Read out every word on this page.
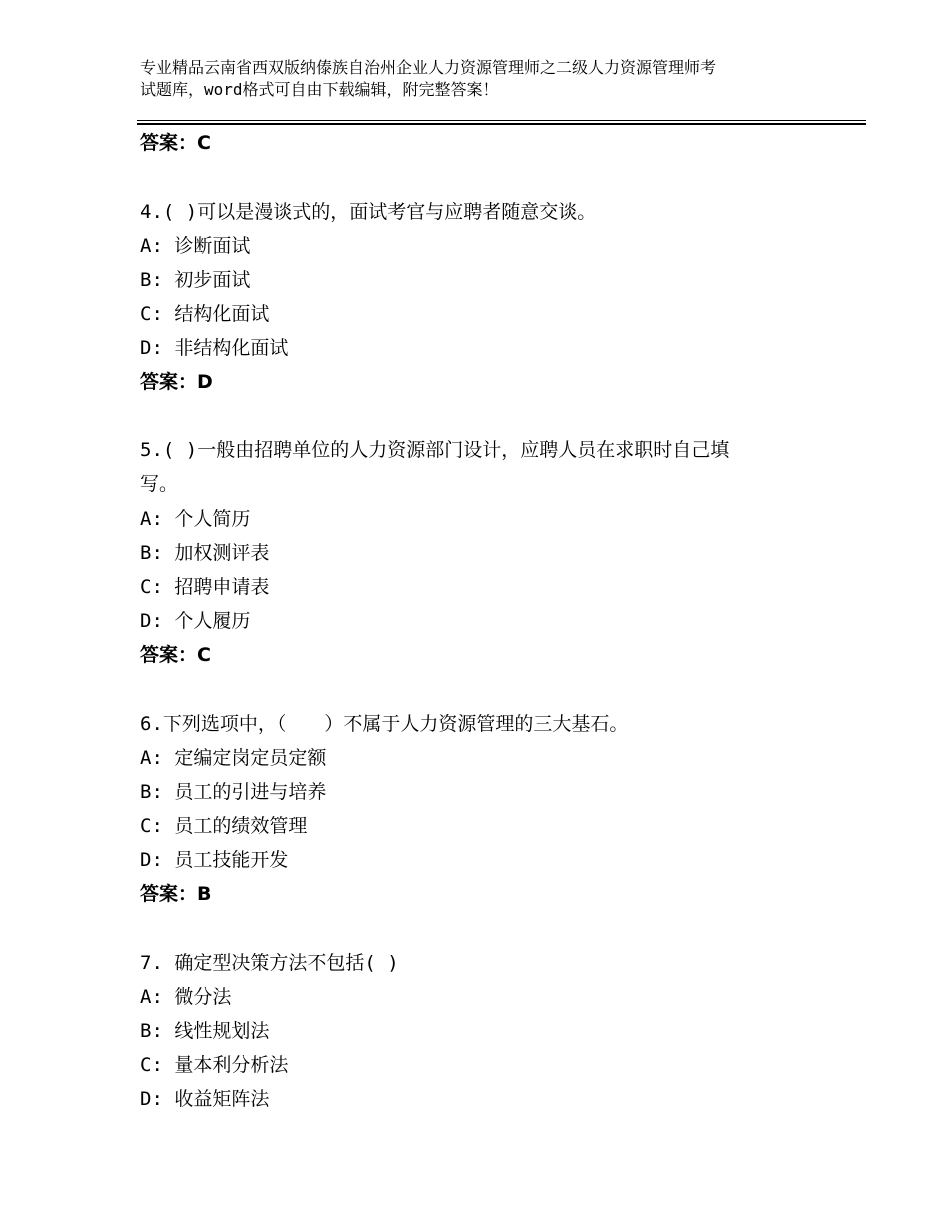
专业精品云南省西双版纳傣族自治州企业人力资源管理师之二级人力资源管理师考
试题库，word格式可自由下载编辑，附完整答案！
答案：C
4.( )可以是漫谈式的，面试考官与应聘者随意交谈。
A: 诊断面试
B: 初步面试
C: 结构化面试
D: 非结构化面试
答案：D
5.( )一般由招聘单位的人力资源部门设计，应聘人员在求职时自己填
写。
A: 个人简历
B: 加权测评表
C: 招聘申请表
D: 个人履历
答案：C
6.下列选项中，（　　）不属于人力资源管理的三大基石。
A: 定编定岗定员定额
B: 员工的引进与培养
C: 员工的绩效管理
D: 员工技能开发
答案：B
7. 确定型决策方法不包括( )
A: 微分法
B: 线性规划法
C: 量本利分析法
D: 收益矩阵法
